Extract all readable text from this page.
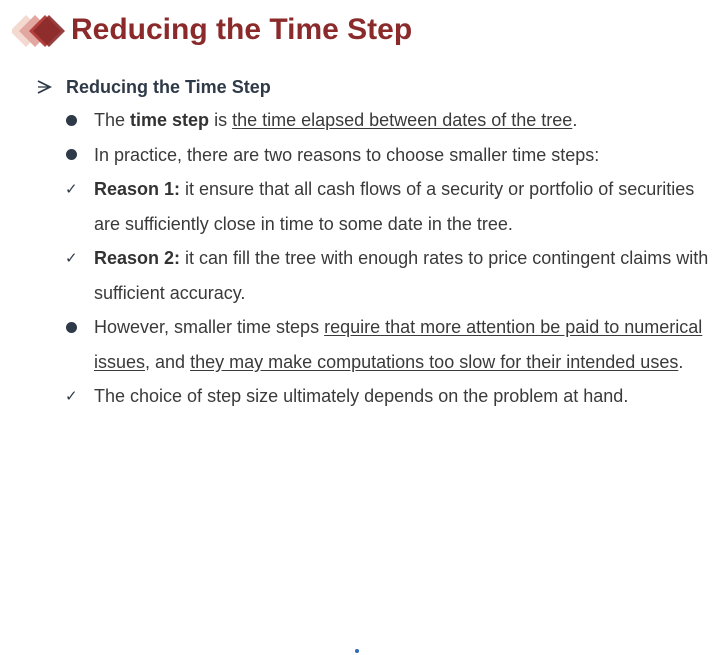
Reducing the Time Step
Reducing the Time Step
The time step is the time elapsed between dates of the tree.
In practice, there are two reasons to choose smaller time steps:
✓ Reason 1: it ensure that all cash flows of a security or portfolio of securities are sufficiently close in time to some date in the tree.
✓ Reason 2: it can fill the tree with enough rates to price contingent claims with sufficient accuracy.
However, smaller time steps require that more attention be paid to numerical issues, and they may make computations too slow for their intended uses.
✓ The choice of step size ultimately depends on the problem at hand.
